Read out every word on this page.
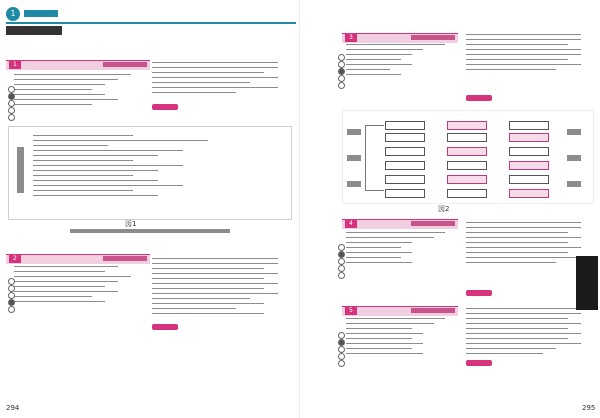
1
1
図1
2
294
3
図2
4
5
295
